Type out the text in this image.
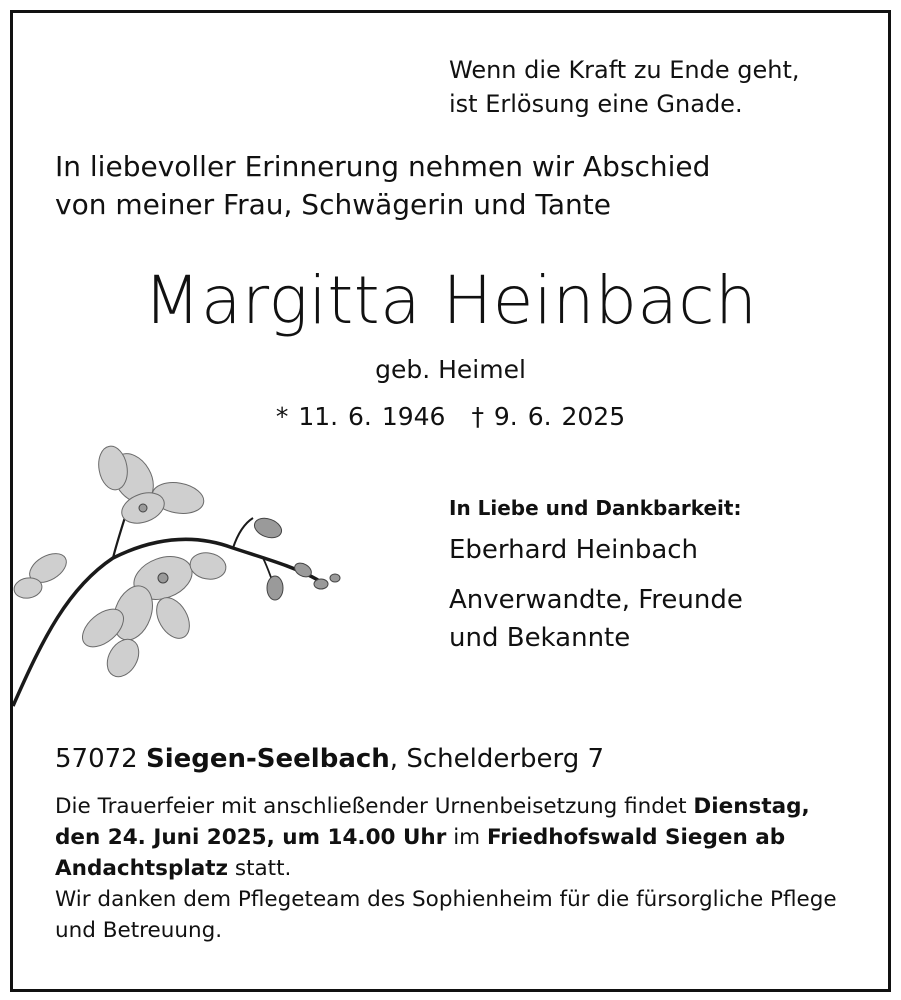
Wenn die Kraft zu Ende geht,
ist Erlösung eine Gnade.
In liebevoller Erinnerung nehmen wir Abschied
von meiner Frau, Schwägerin und Tante
Margitta Heinbach
geb. Heimel
* 11. 6. 1946 † 9. 6. 2025
In Liebe und Dankbarkeit:
Eberhard Heinbach
Anverwandte, Freunde
und Bekannte
57072 Siegen-Seelbach, Schelderberg 7
Die Trauerfeier mit anschließender Urnenbeisetzung findet Dienstag, den 24. Juni 2025, um 14.00 Uhr im Friedhofswald Siegen ab Andachtsplatz statt.
Wir danken dem Pflegeteam des Sophienheim für die fürsorgliche Pflege und Betreuung.
